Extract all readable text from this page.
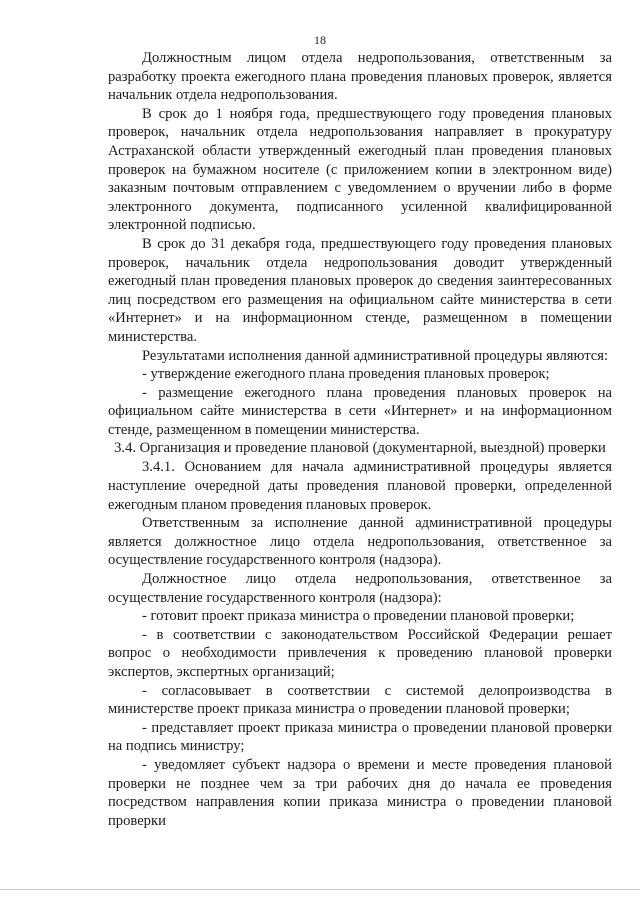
18

Должностным лицом отдела недропользования, ответственным за разработку проекта ежегодного плана проведения плановых проверок, является начальник отдела недропользования.

В срок до 1 ноября года, предшествующего году проведения плановых проверок, начальник отдела недропользования направляет в прокуратуру Астраханской области утвержденный ежегодный план проведения плановых проверок на бумажном носителе (с приложением копии в электронном виде) заказным почтовым отправлением с уведомлением о вручении либо в форме электронного документа, подписанного усиленной квалифицированной электронной подписью.

В срок до 31 декабря года, предшествующего году проведения плановых проверок, начальник отдела недропользования доводит утвержденный ежегодный план проведения плановых проверок до сведения заинтересованных лиц посредством его размещения на официальном сайте министерства в сети «Интернет» и на информационном стенде, размещенном в помещении министерства.

Результатами исполнения данной административной процедуры являются:

- утверждение ежегодного плана проведения плановых проверок;

- размещение ежегодного плана проведения плановых проверок на официальном сайте министерства в сети «Интернет» и на информационном стенде, размещенном в помещении министерства.

3.4. Организация и проведение плановой (документарной, выездной) проверки

3.4.1. Основанием для начала административной процедуры является наступление очередной даты проведения плановой проверки, определенной ежегодным планом проведения плановых проверок.

Ответственным за исполнение данной административной процедуры является должностное лицо отдела недропользования, ответственное за осуществление государственного контроля (надзора).

Должностное лицо отдела недропользования, ответственное за осуществление государственного контроля (надзора):

- готовит проект приказа министра о проведении плановой проверки;

- в соответствии с законодательством Российской Федерации решает вопрос о необходимости привлечения к проведению плановой проверки экспертов, экспертных организаций;

- согласовывает в соответствии с системой делопроизводства в министерстве проект приказа министра о проведении плановой проверки;

- представляет проект приказа министра о проведении плановой проверки на подпись министру;

- уведомляет субъект надзора о времени и месте проведения плановой проверки не позднее чем за три рабочих дня до начала ее проведения посредством направления копии приказа министра о проведении плановой проверки
